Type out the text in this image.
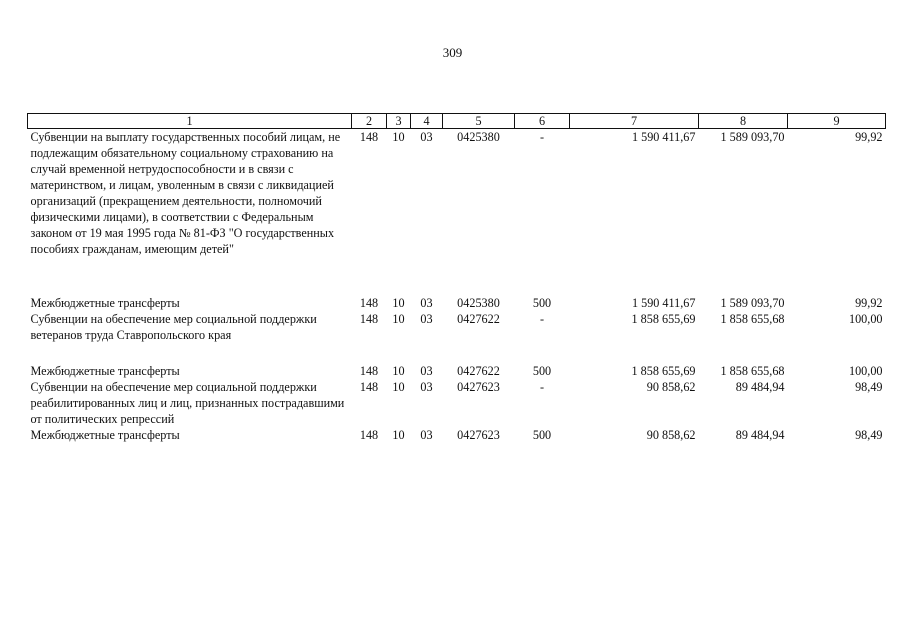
309
1	2	3	4	5	6	7	8	9
Субвенции на выплату государственных пособий лицам, не подлежащим обязательному социальному страхованию на случай временной нетрудоспособности и в связи с материнством, и лицам, уволенным в связи с ликвидацией организаций (прекращением деятельности, полномочий физическими лицами), в соответствии с Федеральным законом от 19 мая 1995 года № 81-ФЗ "О государственных пособиях гражданам, имеющим детей"	148	10	03	0425380	-	1 590 411,67	1 589 093,70	99,92

Межбюджетные трансферты	148	10	03	0425380	500	1 590 411,67	1 589 093,70	99,92
Субвенции на обеспечение мер социальной поддержки ветеранов труда Ставропольского края	148	10	03	0427622	-	1 858 655,69	1 858 655,68	100,00

Межбюджетные трансферты	148	10	03	0427622	500	1 858 655,69	1 858 655,68	100,00
Субвенции на обеспечение мер социальной поддержки реабилитированных лиц и лиц, признанных пострадавшими от политических репрессий	148	10	03	0427623	-	90 858,62	89 484,94	98,49
Межбюджетные трансферты	148	10	03	0427623	500	90 858,62	89 484,94	98,49
